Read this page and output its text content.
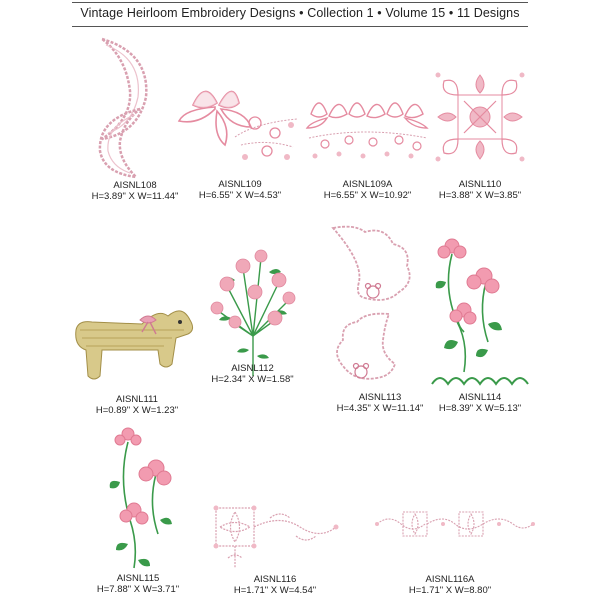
Vintage Heirloom Embroidery Designs • Collection 1 • Volume 15 • 11 Designs
AISNL108
H=3.89" X W=11.44"
AISNL109
H=6.55" X W=4.53"
AISNL109A
H=6.55" X W=10.92"
AISNL110
H=3.88" X W=3.85"
AISNL111
H=0.89" X W=1.23"
AISNL112
H=2.34" X W=1.58"
AISNL113
H=4.35" X W=11.14"
AISNL114
H=8.39" X W=5.13"
AISNL115
H=7.88" X W=3.71"
AISNL116
H=1.71" X W=4.54"
AISNL116A
H=1.71" X W=8.80"
